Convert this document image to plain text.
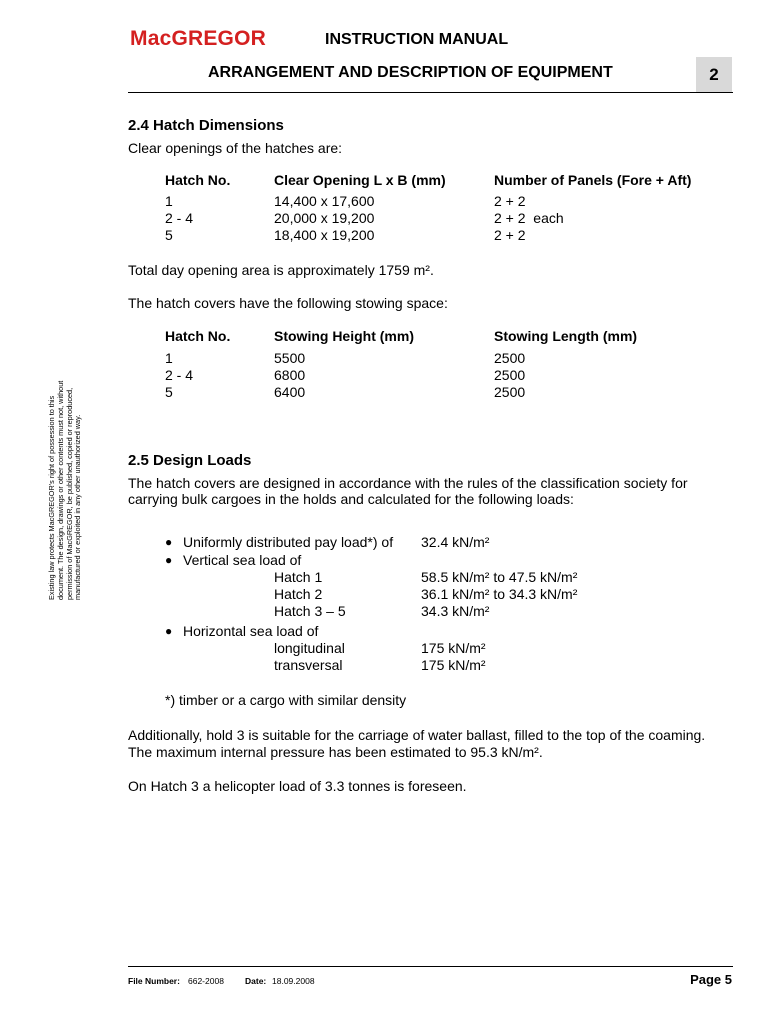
MacGREGOR	INSTRUCTION MANUAL
ARRANGEMENT AND DESCRIPTION OF EQUIPMENT	2
Existing law protects MacGREGOR's right of possession to this document. The design, drawings or other contents must not, without permission of MacGREGOR, be published, copied or reproduced, manufactured or exploited in any other unauthorized way.
2.4 Hatch Dimensions
Clear openings of the hatches are:
Hatch No.	Clear Opening L x B (mm)	Number of Panels (Fore + Aft)
1	14,400 x 17,600	2 + 2
2 - 4	20,000 x 19,200	2 + 2  each
5	18,400 x 19,200	2 + 2
Total day opening area is approximately 1759 m².
The hatch covers have the following stowing space:
Hatch No.	Stowing Height (mm)	Stowing Length (mm)
1	5500	2500
2 - 4	6800	2500
5	6400	2500
2.5 Design Loads
The hatch covers are designed in accordance with the rules of the classification society for
carrying bulk cargoes in the holds and calculated for the following loads:
● Uniformly distributed pay load*) of 32.4 kN/m²
● Vertical sea load of
Hatch 1	58.5 kN/m² to 47.5 kN/m²
Hatch 2	36.1 kN/m² to 34.3 kN/m²
Hatch 3 – 5	34.3 kN/m²
● Horizontal sea load of
longitudinal	175 kN/m²
transversal	175 kN/m²
*) timber or a cargo with similar density
Additionally, hold 3 is suitable for the carriage of water ballast, filled to the top of the coaming.
The maximum internal pressure has been estimated to 95.3 kN/m².
On Hatch 3 a helicopter load of 3.3 tonnes is foreseen.
File Number: 662-2008 Date: 18.09.2008	Page 5
